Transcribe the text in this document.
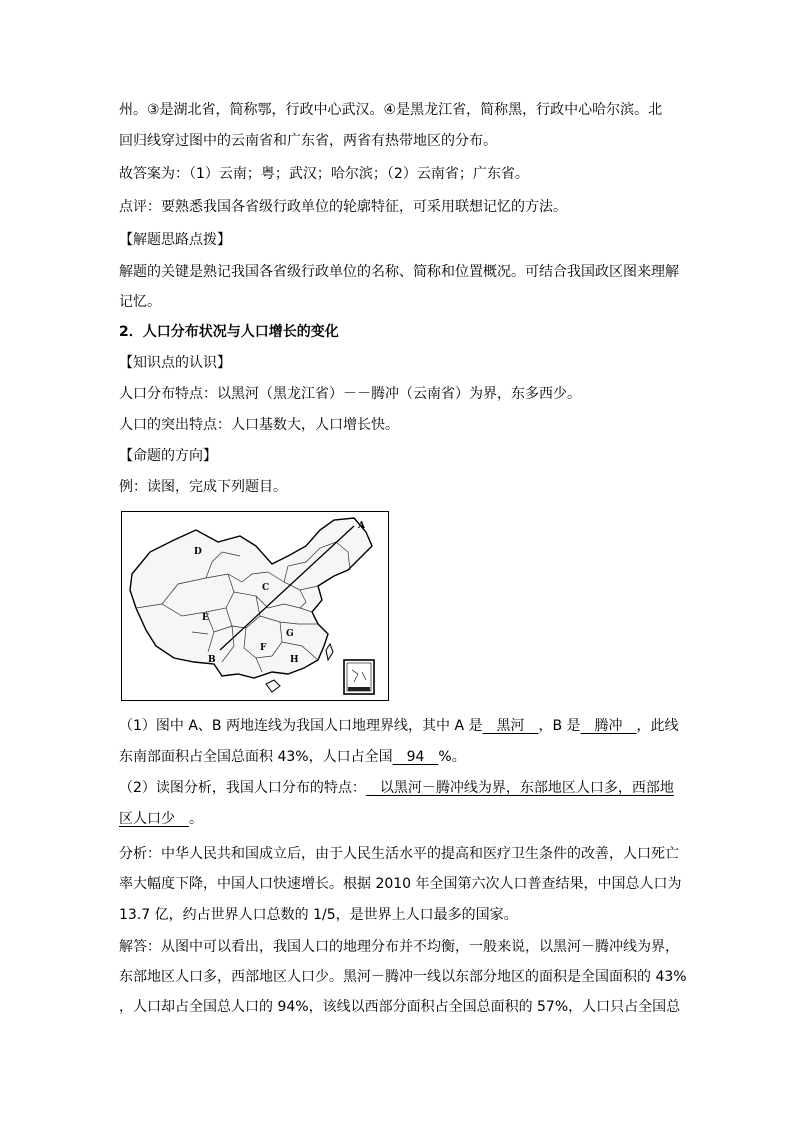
州。③是湖北省，简称鄂，行政中心武汉。④是黑龙江省，简称黑，行政中心哈尔滨。北
回归线穿过图中的云南省和广东省，两省有热带地区的分布。
故答案为：（1）云南；粤；武汉；哈尔滨；（2）云南省；广东省。
点评：要熟悉我国各省级行政单位的轮廓特征，可采用联想记忆的方法。
【解题思路点拨】
解题的关键是熟记我国各省级行政单位的名称、简称和位置概况。可结合我国政区图来理解
记忆。
2．人口分布状况与人口增长的变化
【知识点的认识】
人口分布特点：以黑河（黑龙江省）－－腾冲（云南省）为界，东多西少。
人口的突出特点：人口基数大，人口增长快。
【命题的方向】
例：读图，完成下列题目。
A
B
C
D
E
F
G
H
（1）图中 A、B 两地连线为我国人口地理界线，其中 A 是　黑河　，B 是　腾冲　，此线
东南部面积占全国总面积 43%，人口占全国　94　%。
（2）读图分析，我国人口分布的特点：　以黑河－腾冲线为界，东部地区人口多，西部地
区人口少　。
分析：中华人民共和国成立后，由于人民生活水平的提高和医疗卫生条件的改善，人口死亡
率大幅度下降，中国人口快速增长。根据 2010 年全国第六次人口普查结果，中国总人口为
13.7 亿，约占世界人口总数的 1/5，是世界上人口最多的国家。
解答：从图中可以看出，我国人口的地理分布并不均衡，一般来说，以黑河－腾冲线为界，
东部地区人口多，西部地区人口少。黑河－腾冲一线以东部分地区的面积是全国面积的 43%
，人口却占全国总人口的 94%，该线以西部分面积占全国总面积的 57%，人口只占全国总
